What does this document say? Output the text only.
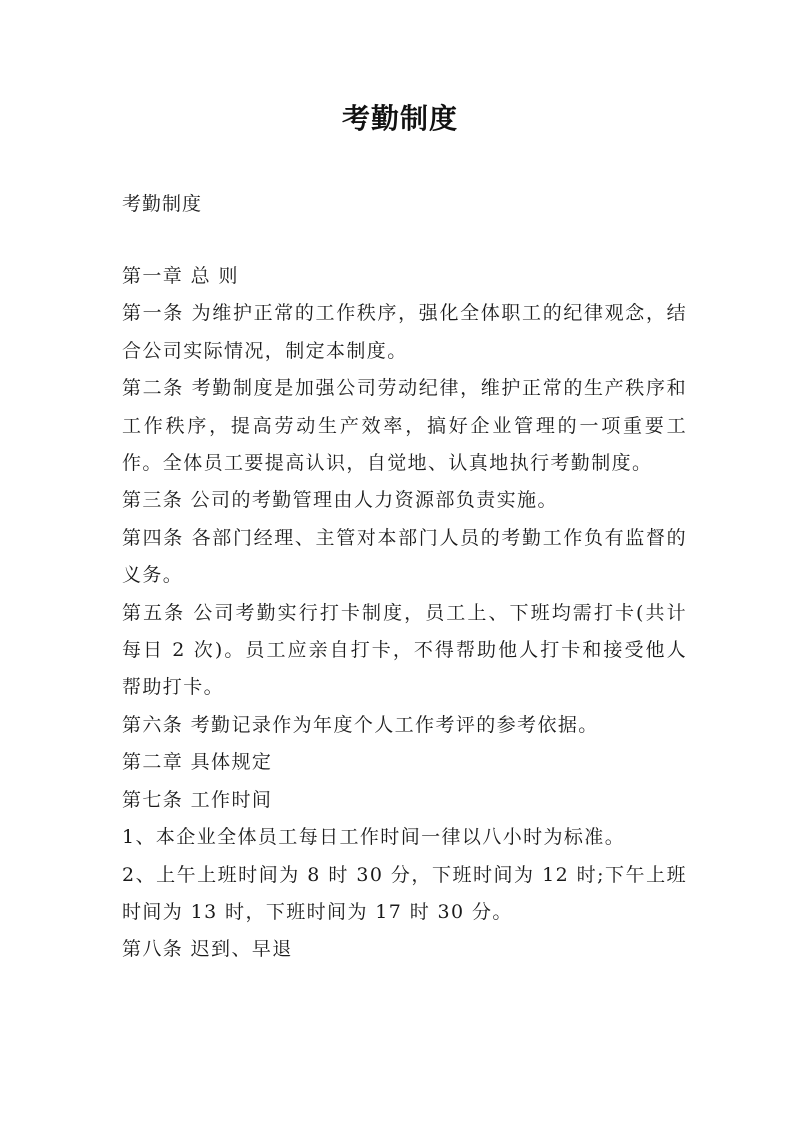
考勤制度
考勤制度

第一章 总 则

第一条 为维护正常的工作秩序，强化全体职工的纪律观念，结合公司实际情况，制定本制度。

第二条 考勤制度是加强公司劳动纪律，维护正常的生产秩序和工作秩序，提高劳动生产效率，搞好企业管理的一项重要工作。全体员工要提高认识，自觉地、认真地执行考勤制度。

第三条 公司的考勤管理由人力资源部负责实施。

第四条 各部门经理、主管对本部门人员的考勤工作负有监督的义务。

第五条 公司考勤实行打卡制度，员工上、下班均需打卡(共计每日 2 次)。员工应亲自打卡，不得帮助他人打卡和接受他人帮助打卡。

第六条 考勤记录作为年度个人工作考评的参考依据。

第二章 具体规定

第七条 工作时间

1、本企业全体员工每日工作时间一律以八小时为标准。

2、上午上班时间为 8 时 30 分，下班时间为 12 时;下午上班时间为 13 时，下班时间为 17 时 30 分。

第八条 迟到、早退
